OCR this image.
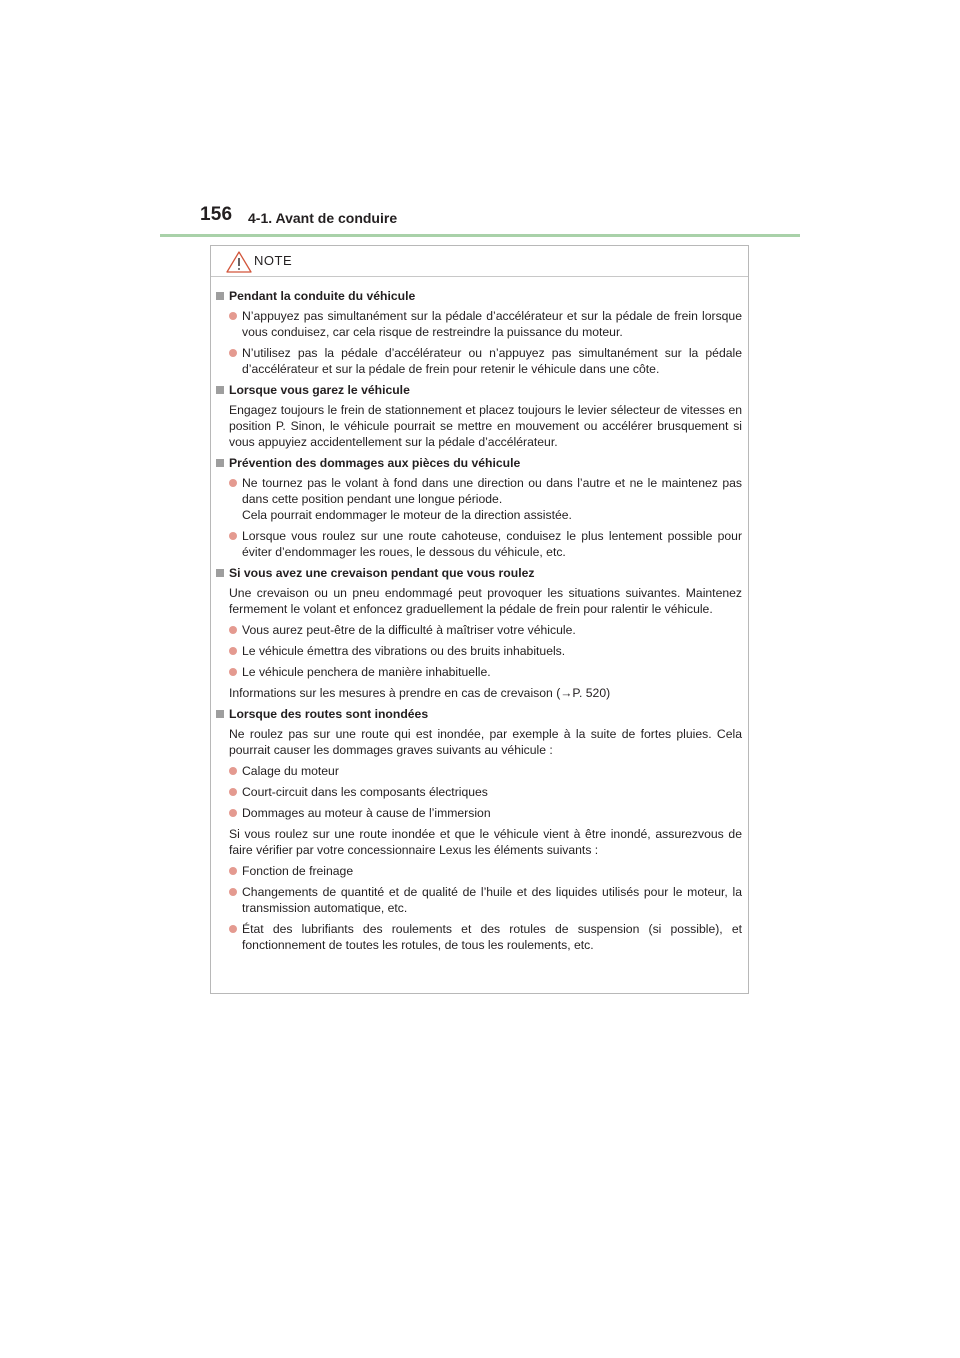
156 4-1. Avant de conduire
NOTE
Pendant la conduite du véhicule
N’appuyez pas simultanément sur la pédale d’accélérateur et sur la pédale de frein lorsque vous conduisez, car cela risque de restreindre la puissance du moteur.
N’utilisez pas la pédale d’accélérateur ou n’appuyez pas simultanément sur la pédale d’accélérateur et sur la pédale de frein pour retenir le véhicule dans une côte.
Lorsque vous garez le véhicule
Engagez toujours le frein de stationnement et placez toujours le levier sélecteur de vitesses en position P. Sinon, le véhicule pourrait se mettre en mouvement ou accélérer brusquement si vous appuyiez accidentellement sur la pédale d’accélérateur.
Prévention des dommages aux pièces du véhicule
Ne tournez pas le volant à fond dans une direction ou dans l’autre et ne le maintenez pas dans cette position pendant une longue période.
Cela pourrait endommager le moteur de la direction assistée.
Lorsque vous roulez sur une route cahoteuse, conduisez le plus lentement possible pour éviter d’endommager les roues, le dessous du véhicule, etc.
Si vous avez une crevaison pendant que vous roulez
Une crevaison ou un pneu endommagé peut provoquer les situations suivantes. Maintenez fermement le volant et enfoncez graduellement la pédale de frein pour ralentir le véhicule.
Vous aurez peut-être de la difficulté à maîtriser votre véhicule.
Le véhicule émettra des vibrations ou des bruits inhabituels.
Le véhicule penchera de manière inhabituelle.
Informations sur les mesures à prendre en cas de crevaison (→P. 520)
Lorsque des routes sont inondées
Ne roulez pas sur une route qui est inondée, par exemple à la suite de fortes pluies. Cela pourrait causer les dommages graves suivants au véhicule :
Calage du moteur
Court-circuit dans les composants électriques
Dommages au moteur à cause de l’immersion
Si vous roulez sur une route inondée et que le véhicule vient à être inondé, assurezvous de faire vérifier par votre concessionnaire Lexus les éléments suivants :
Fonction de freinage
Changements de quantité et de qualité de l’huile et des liquides utilisés pour le moteur, la transmission automatique, etc.
État des lubrifiants des roulements et des rotules de suspension (si possible), et fonctionnement de toutes les rotules, de tous les roulements, etc.
